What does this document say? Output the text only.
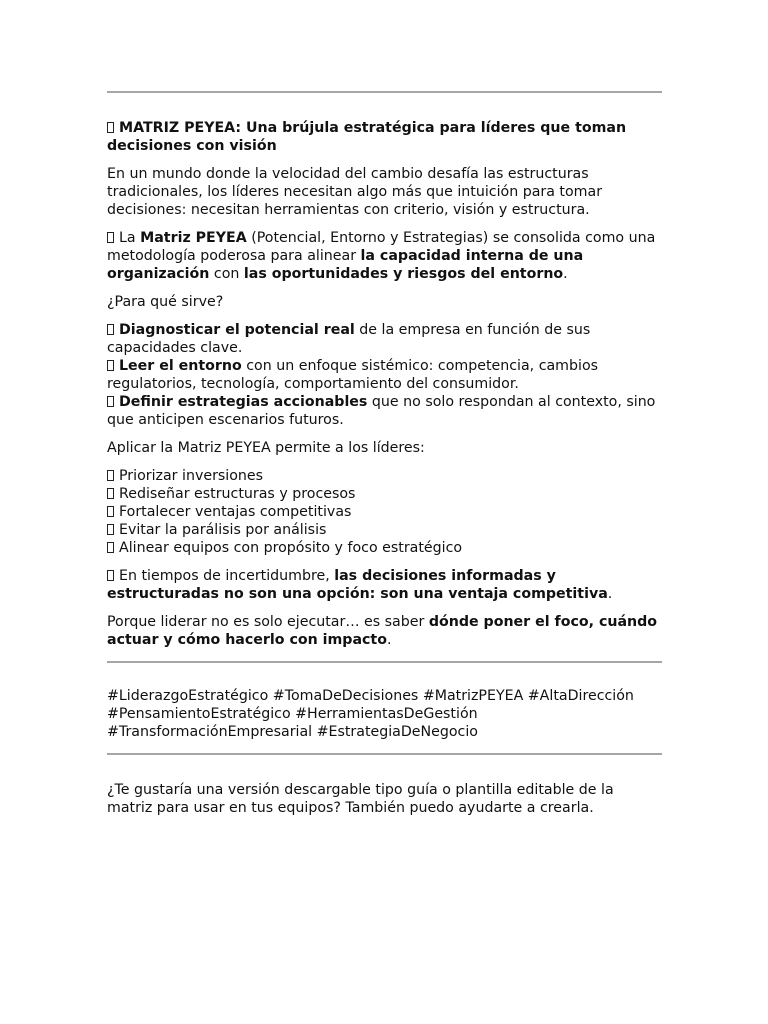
MATRIZ PEYEA: Una brújula estratégica para líderes que toman decisiones con visión

En un mundo donde la velocidad del cambio desafía las estructuras tradicionales, los líderes necesitan algo más que intuición para tomar decisiones: necesitan herramientas con criterio, visión y estructura.

La Matriz PEYEA (Potencial, Entorno y Estrategias) se consolida como una metodología poderosa para alinear la capacidad interna de una organización con las oportunidades y riesgos del entorno.

¿Para qué sirve?

Diagnosticar el potencial real de la empresa en función de sus capacidades clave.

Leer el entorno con un enfoque sistémico: competencia, cambios regulatorios, tecnología, comportamiento del consumidor.

Definir estrategias accionables que no solo respondan al contexto, sino que anticipen escenarios futuros.

Aplicar la Matriz PEYEA permite a los líderes:

Priorizar inversiones

Rediseñar estructuras y procesos

Fortalecer ventajas competitivas

Evitar la parálisis por análisis

Alinear equipos con propósito y foco estratégico

En tiempos de incertidumbre, las decisiones informadas y estructuradas no son una opción: son una ventaja competitiva.

Porque liderar no es solo ejecutar… es saber dónde poner el foco, cuándo actuar y cómo hacerlo con impacto.

#LiderazgoEstratégico #TomaDeDecisiones #MatrizPEYEA #AltaDirección #PensamientoEstratégico #HerramientasDeGestión #TransformaciónEmpresarial #EstrategiaDeNegocio

¿Te gustaría una versión descargable tipo guía o plantilla editable de la matriz para usar en tus equipos? También puedo ayudarte a crearla.
